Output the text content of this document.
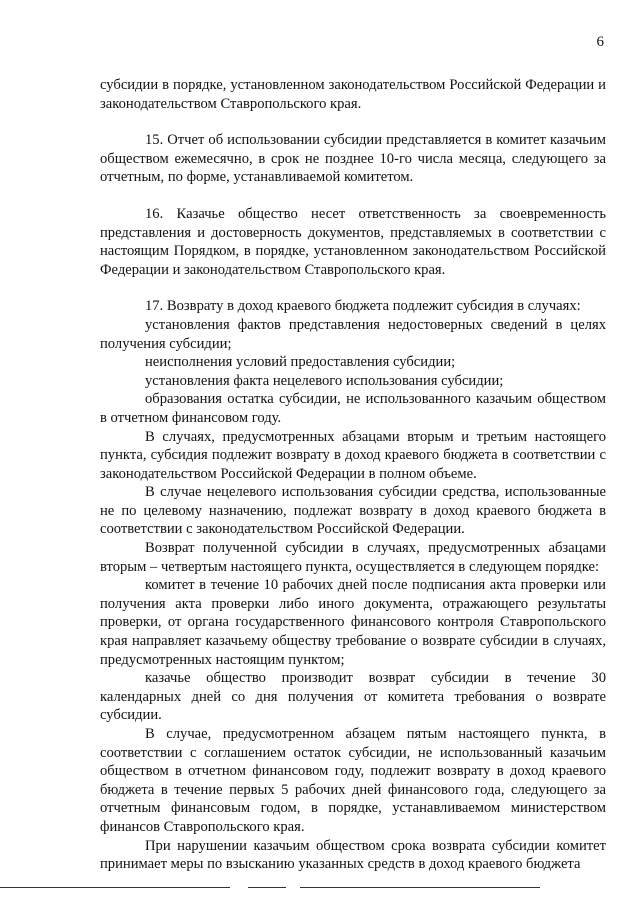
6

субсидии в порядке, установленном законодательством Российской Федерации и законодательством Ставропольского края.

15. Отчет об использовании субсидии представляется в комитет казачьим обществом ежемесячно, в срок не позднее 10-го числа месяца, следующего за отчетным, по форме, устанавливаемой комитетом.

16. Казачье общество несет ответственность за своевременность представления и достоверность документов, представляемых в соответствии с настоящим Порядком, в порядке, установленном законодательством Российской Федерации и законодательством Ставропольского края.

17. Возврату в доход краевого бюджета подлежит субсидия в случаях:

установления фактов представления недостоверных сведений в целях получения субсидии;

неисполнения условий предоставления субсидии;

установления факта нецелевого использования субсидии;

образования остатка субсидии, не использованного казачьим обществом в отчетном финансовом году.

В случаях, предусмотренных абзацами вторым и третьим настоящего пункта, субсидия подлежит возврату в доход краевого бюджета в соответствии с законодательством Российской Федерации в полном объеме.

В случае нецелевого использования субсидии средства, использованные не по целевому назначению, подлежат возврату в доход краевого бюджета в соответствии с законодательством Российской Федерации.

Возврат полученной субсидии в случаях, предусмотренных абзацами вторым – четвертым настоящего пункта, осуществляется в следующем порядке:

комитет в течение 10 рабочих дней после подписания акта проверки или получения акта проверки либо иного документа, отражающего результаты проверки, от органа государственного финансового контроля Ставропольского края направляет казачьему обществу требование о возврате субсидии в случаях, предусмотренных настоящим пунктом;

казачье общество производит возврат субсидии в течение 30 календарных дней со дня получения от комитета требования о возврате субсидии.

В случае, предусмотренном абзацем пятым настоящего пункта, в соответствии с соглашением остаток субсидии, не использованный казачьим обществом в отчетном финансовом году, подлежит возврату в доход краевого бюджета в течение первых 5 рабочих дней финансового года, следующего за отчетным финансовым годом, в порядке, устанавливаемом министерством финансов Ставропольского края.

При нарушении казачьим обществом срока возврата субсидии комитет принимает меры по взысканию указанных средств в доход краевого бюджета
